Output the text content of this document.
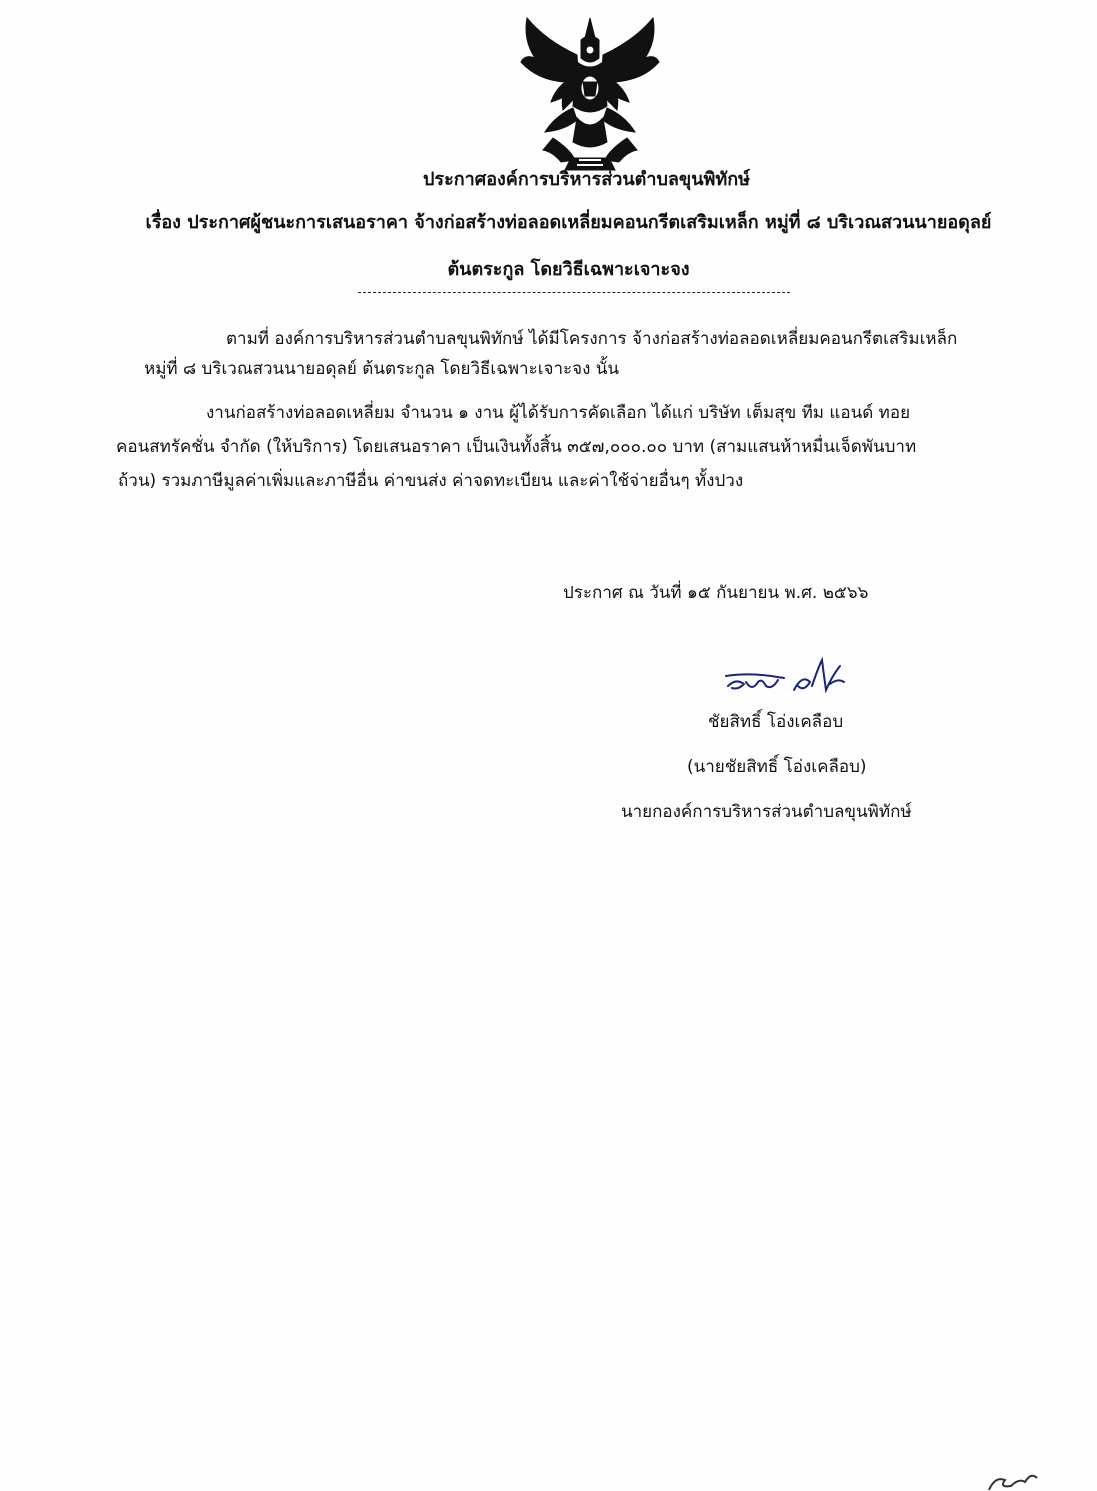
ประกาศองค์การบริหารส่วนตำบลขุนพิทักษ์
เรื่อง ประกาศผู้ชนะการเสนอราคา จ้างก่อสร้างท่อลอดเหลี่ยมคอนกรีตเสริมเหล็ก หมู่ที่ ๘ บริเวณสวนนายอดุลย์
ต้นตระกูล โดยวิธีเฉพาะเจาะจง
ตามที่ องค์การบริหารส่วนตำบลขุนพิทักษ์ ได้มีโครงการ จ้างก่อสร้างท่อลอดเหลี่ยมคอนกรีตเสริมเหล็ก
หมู่ที่ ๘ บริเวณสวนนายอดุลย์ ต้นตระกูล โดยวิธีเฉพาะเจาะจง นั้น
งานก่อสร้างท่อลอดเหลี่ยม จำนวน ๑ งาน ผู้ได้รับการคัดเลือก ได้แก่ บริษัท เต็มสุข ทีม แอนด์ ทอย
คอนสทรัคชั่น จำกัด (ให้บริการ) โดยเสนอราคา เป็นเงินทั้งสิ้น ๓๕๗,๐๐๐.๐๐ บาท (สามแสนห้าหมื่นเจ็ดพันบาท
ถ้วน) รวมภาษีมูลค่าเพิ่มและภาษีอื่น ค่าขนส่ง ค่าจดทะเบียน และค่าใช้จ่ายอื่นๆ ทั้งปวง
ประกาศ ณ วันที่ ๑๕ กันยายน พ.ศ. ๒๕๖๖
ชัยสิทธิ์ โอ่งเคลือบ
(นายชัยสิทธิ์ โอ่งเคลือบ)
นายกองค์การบริหารส่วนตำบลขุนพิทักษ์
